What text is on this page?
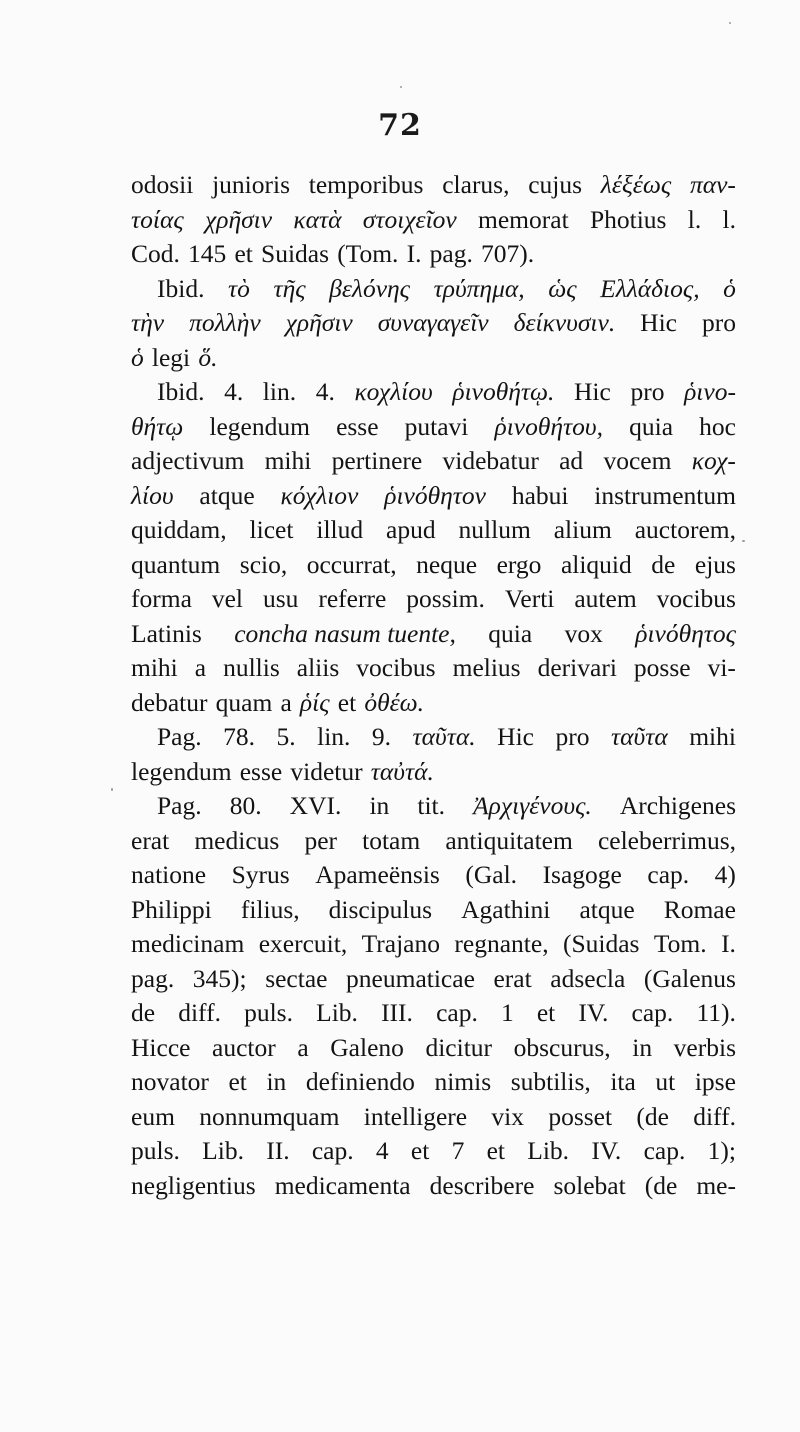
72
odosii junioris temporibus clarus, cujus λέξέως παν-
τοίας χρῆσιν κατὰ στοιχεῖον memorat Photius l. l.
Cod. 145 et Suidas (Tom. I. pag. 707).
Ibid. τὸ τῆς βελόνης τρύπημα, ὡς Ελλάδιος, ὁ
τὴν πολλὴν χρῆσιν συναγαγεῖν δείκνυσιν. Hic pro
ὁ legi ὅ.
Ibid. 4. lin. 4. κοχλίου ῥινοθήτῳ. Hic pro ῥινο-
θήτῳ legendum esse putavi ῥινοθήτου, quia hoc
adjectivum mihi pertinere videbatur ad vocem κοχ-
λίου atque κόχλιον ῥινόθητον habui instrumentum
quiddam, licet illud apud nullum alium auctorem,
quantum scio, occurrat, neque ergo aliquid de ejus
forma vel usu referre possim. Verti autem vocibus
Latinis concha nasum tuente, quia vox ῥινόθητος
mihi a nullis aliis vocibus melius derivari posse vi-
debatur quam a ῥίς et ὀθέω.
Pag. 78. 5. lin. 9. ταῦτα. Hic pro ταῦτα mihi
legendum esse videtur ταὐτά.
Pag. 80. XVI. in tit. Ἀρχιγένους. Archigenes
erat medicus per totam antiquitatem celeberrimus,
natione Syrus Apameënsis (Gal. Isagoge cap. 4)
Philippi filius, discipulus Agathini atque Romae
medicinam exercuit, Trajano regnante, (Suidas Tom. I.
pag. 345); sectae pneumaticae erat adsecla (Galenus
de diff. puls. Lib. III. cap. 1 et IV. cap. 11).
Hicce auctor a Galeno dicitur obscurus, in verbis
novator et in definiendo nimis subtilis, ita ut ipse
eum nonnumquam intelligere vix posset (de diff.
puls. Lib. II. cap. 4 et 7 et Lib. IV. cap. 1);
negligentius medicamenta describere solebat (de me-
